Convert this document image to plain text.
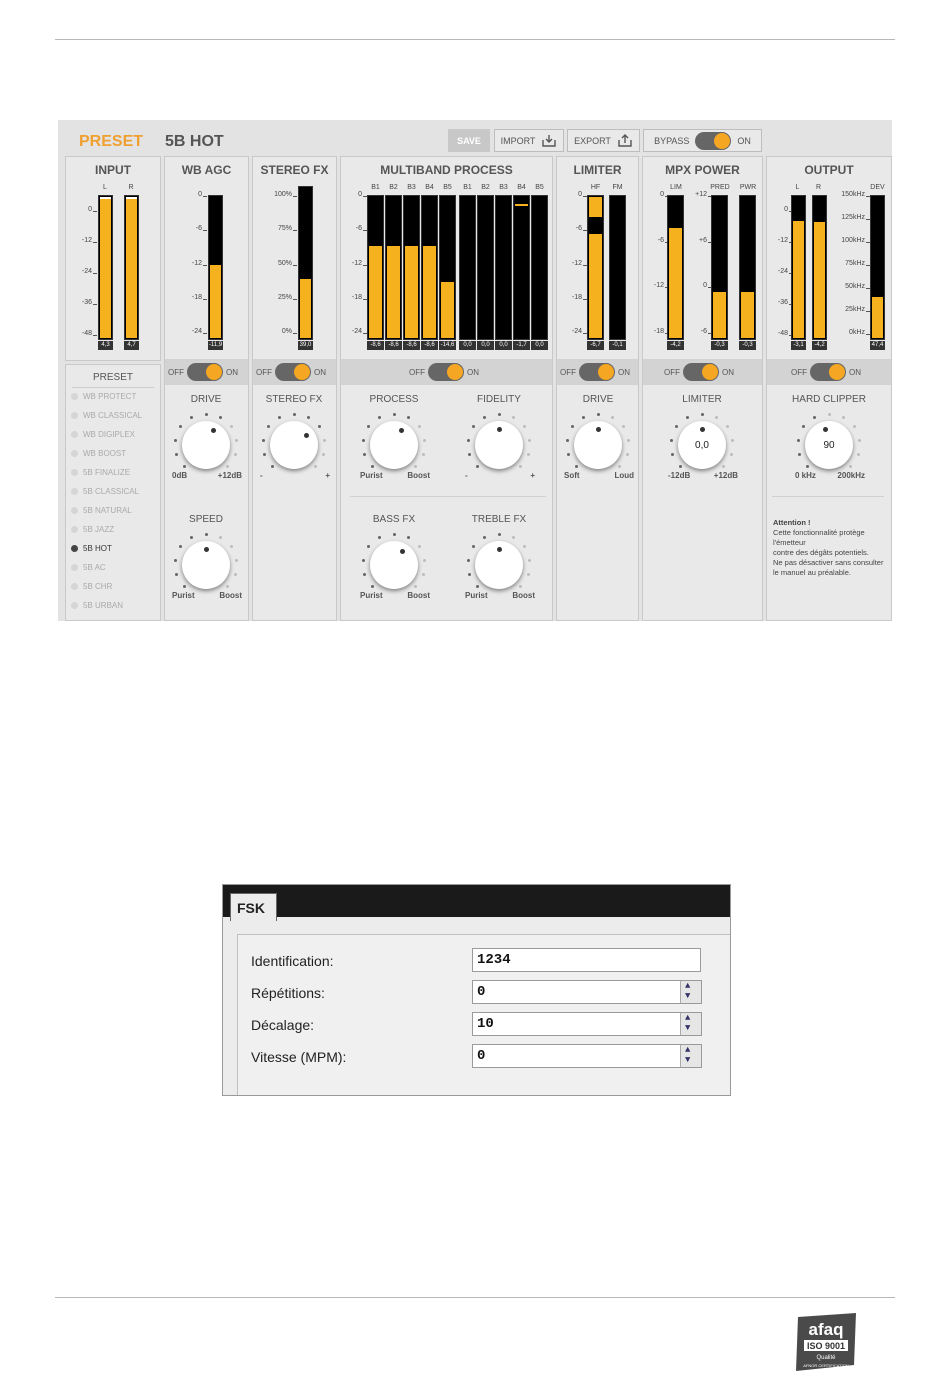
PRESET 5B HOT	SAVE IMPORT	EXPORT	BYPASS	ON
INPUT
PRESET
WB AGC	STEREO FX	MULTIBAND PROCESS	LIMITER	MPX POWER	OUTPUT
Attention !
Cette fonctionnalité protège l'émetteur
contre des dégâts potentiels.
Ne pas désactiver sans consulter
le manuel au préalable.
L	R
0
-12
-24
-36
-48
4,3	4,7
0
-6
-12
-18
-24
-11,9
100%
75%
50%
25%
0%
39,0
0
-6
-12
-18
-24
B1	B2	B3	B4	B5
-8,6	-8,6	-8,6	-8,6 -14,6
B1	B2	B3	B4	B5
0,0	0,0	0,0	-1,7	0,0
HF	FM
0
-6
-12
-18
-24
-6,7	-0,1
LIM	PRED	PWR
0
-6
-12
-18
-4,2
+12
+6
0
-6
-0,3	-0,3
L	R	DEV
0
-12
-24
-36
-48
-3,1	-4,2
150kHz
125kHz
100kHz
75kHz
50kHz
25kHz
0kHz
47,4
OFF	ON OFF	ON	OFF	ON	OFF	ON	OFF	ON	OFF	ON
DRIVE
0dB	+12dB
SPEED
Purist	Boost
STEREO FX
-	+
PROCESS
Purist	Boost
FIDELITY
-	+
BASS FX
Purist	Boost
TREBLE FX
Purist	Boost
DRIVE
Soft	Loud
LIMITER
0,0
-12dB	+12dB
HARD CLIPPER
90
0 kHz	200kHz
WB PROTECT
WB CLASSICAL
WB DIGIPLEX
WB BOOST
5B FINALIZE
5B CLASSICAL
5B NATURAL
5B JAZZ
5B HOT
5B AC
5B CHR
5B URBAN
FSK
Identification:	1234
Répétitions:	0	▲
▼
Décalage:	10	▲
▼
Vitesse (MPM):	0	▲
▼
afaq
ISO 9001
Qualité
AFNOR CERTIFICATION
